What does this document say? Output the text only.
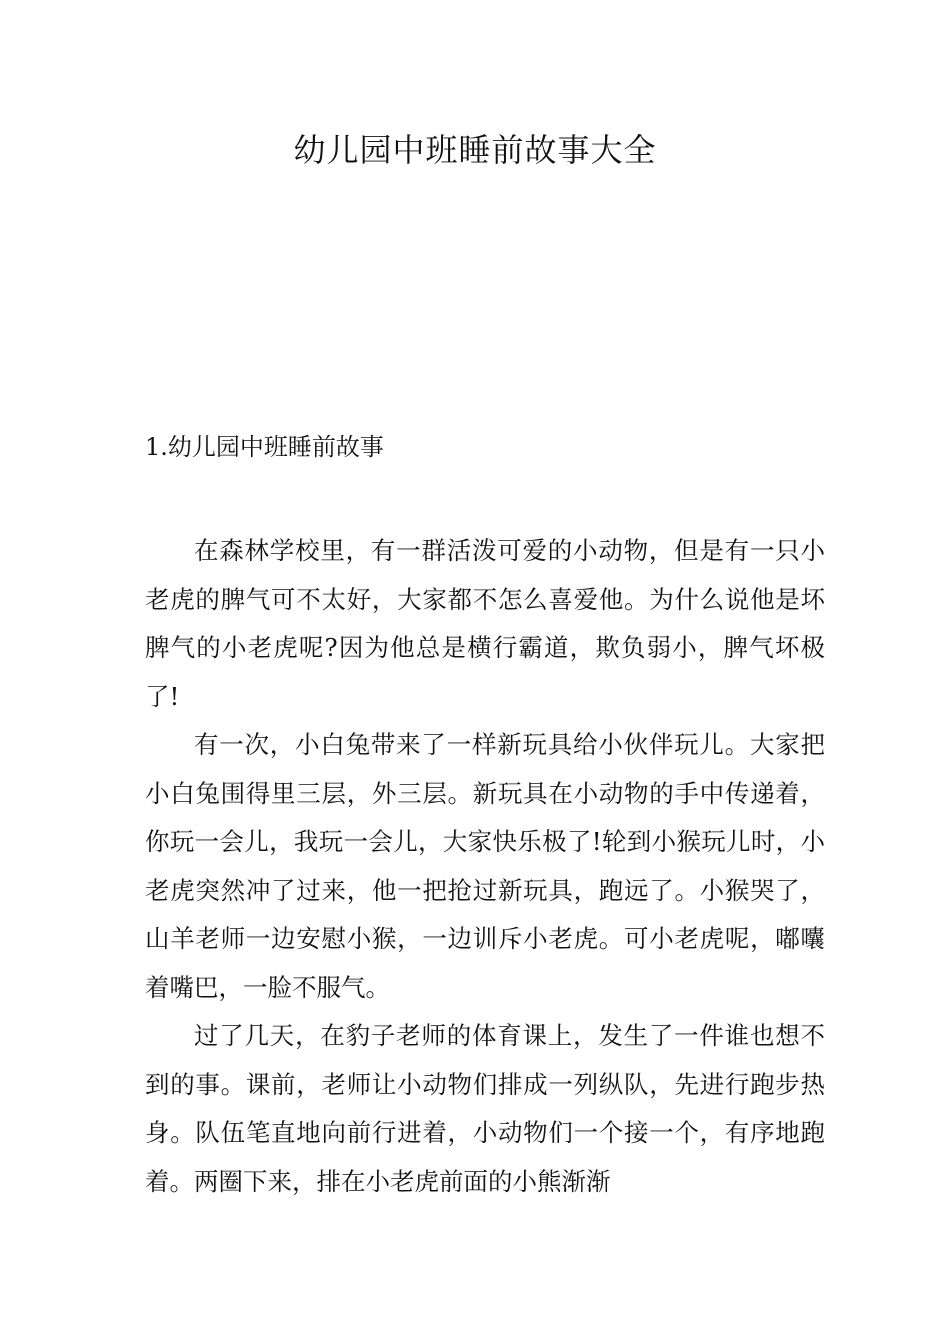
幼儿园中班睡前故事大全
1.幼儿园中班睡前故事

在森林学校里，有一群活泼可爱的小动物，但是有一只小老虎的脾气可不太好，大家都不怎么喜爱他。为什么说他是坏脾气的小老虎呢?因为他总是横行霸道，欺负弱小，脾气坏极了!

有一次，小白兔带来了一样新玩具给小伙伴玩儿。大家把小白兔围得里三层，外三层。新玩具在小动物的手中传递着，你玩一会儿，我玩一会儿，大家快乐极了!轮到小猴玩儿时，小老虎突然冲了过来，他一把抢过新玩具，跑远了。小猴哭了，山羊老师一边安慰小猴，一边训斥小老虎。可小老虎呢，嘟囔着嘴巴，一脸不服气。

过了几天，在豹子老师的体育课上，发生了一件谁也想不到的事。课前，老师让小动物们排成一列纵队，先进行跑步热身。队伍笔直地向前行进着，小动物们一个接一个，有序地跑着。两圈下来，排在小老虎前面的小熊渐渐
